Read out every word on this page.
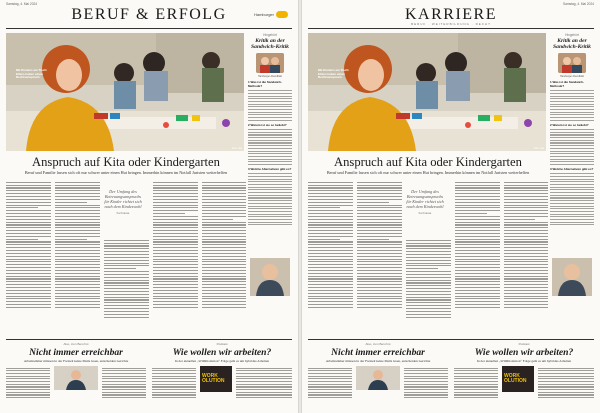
Samstag, 4. Mai 2024
BERUF & ERFOLG	Hamburger
Mit Kindern am Tisch: Eltern haben einen Rechtsanspruch.
Foto: dpa
Hingehört
Kritik an der Sandwich-Kritik
Hamburger Abendblatt
1 Was ist die Sandwich-Methode?
2 Warum ist sie so beliebt?
3 Welche Alternativen gibt es?
Anspruch auf Kita oder Kindergarten
Beruf und Familie lassen sich oft nur schwer unter einen Hut bringen. Immerhin können im Notfall Juristen weiterhelfen
Der Umfang des Betreuungsanspruchs für Kinder richtet sich nach dem Kindeswohl
Kai Krause
Also, zum Beruf ist
Nicht immer erreichbar
Arbeitnehmer müssen in der Freizeit keine Mails lesen, entscheiden Gerichte
Podcast
Wie wollen wir arbeiten?
In der aktuellen „WORKolution“ Folge geht es um hybrides Arbeiten
WORK
OLUTION
Samstag, 4. Mai 2024
KARRIERE
BERUF · WEITERBILDUNG · RECHT
Mit Kindern am Tisch: Eltern haben einen Rechtsanspruch.
Foto: dpa
Hingehört
Kritik an der Sandwich-Kritik
Hamburger Abendblatt
1 Was ist die Sandwich-Methode?
2 Warum ist sie so beliebt?
3 Welche Alternativen gibt es?
Anspruch auf Kita oder Kindergarten
Beruf und Familie lassen sich oft nur schwer unter einen Hut bringen. Immerhin können im Notfall Juristen weiterhelfen
Der Umfang des Betreuungsanspruchs für Kinder richtet sich nach dem Kindeswohl
Kai Krause
Also, zum Beruf ist
Nicht immer erreichbar
Arbeitnehmer müssen in der Freizeit keine Mails lesen, entscheiden Gerichte
Podcast
Wie wollen wir arbeiten?
In der aktuellen „WORKolution“ Folge geht es um hybrides Arbeiten
WORK
OLUTION
